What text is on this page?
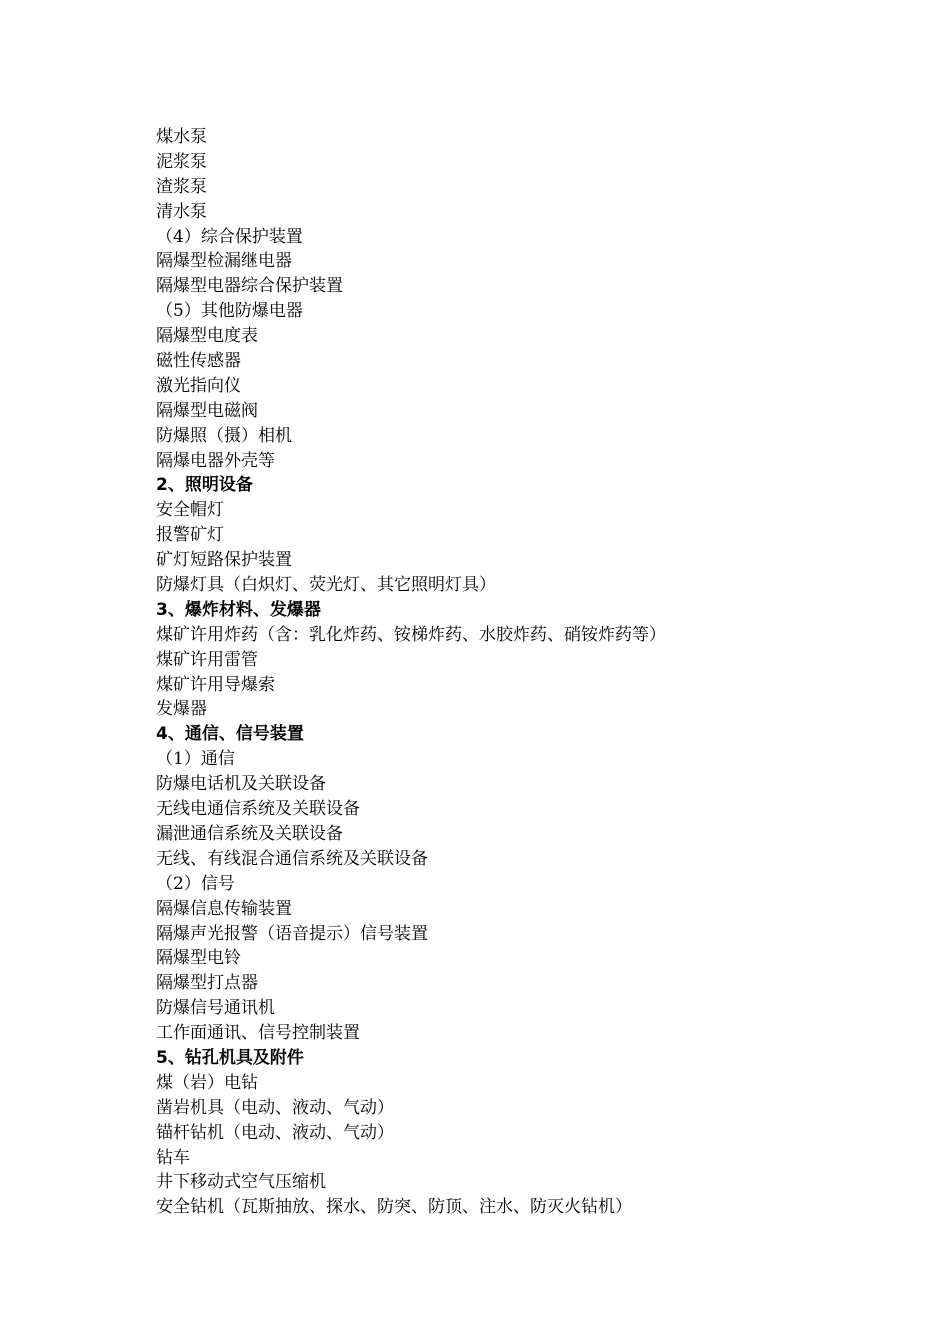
煤水泵
泥浆泵
渣浆泵
清水泵
（4）综合保护装置
隔爆型检漏继电器
隔爆型电器综合保护装置
（5）其他防爆电器
隔爆型电度表
磁性传感器
激光指向仪
隔爆型电磁阀
防爆照（摄）相机
隔爆电器外壳等
2、照明设备
安全帽灯
报警矿灯
矿灯短路保护装置
防爆灯具（白炽灯、荧光灯、其它照明灯具）
3、爆炸材料、发爆器
煤矿许用炸药（含：乳化炸药、铵梯炸药、水胶炸药、硝铵炸药等）
煤矿许用雷管
煤矿许用导爆索
发爆器
4、通信、信号装置
（1）通信
防爆电话机及关联设备
无线电通信系统及关联设备
漏泄通信系统及关联设备
无线、有线混合通信系统及关联设备
（2）信号
隔爆信息传输装置
隔爆声光报警（语音提示）信号装置
隔爆型电铃
隔爆型打点器
防爆信号通讯机
工作面通讯、信号控制装置
5、钻孔机具及附件
煤（岩）电钻
凿岩机具（电动、液动、气动）
锚杆钻机（电动、液动、气动）
钻车
井下移动式空气压缩机
安全钻机（瓦斯抽放、探水、防突、防顶、注水、防灭火钻机）
